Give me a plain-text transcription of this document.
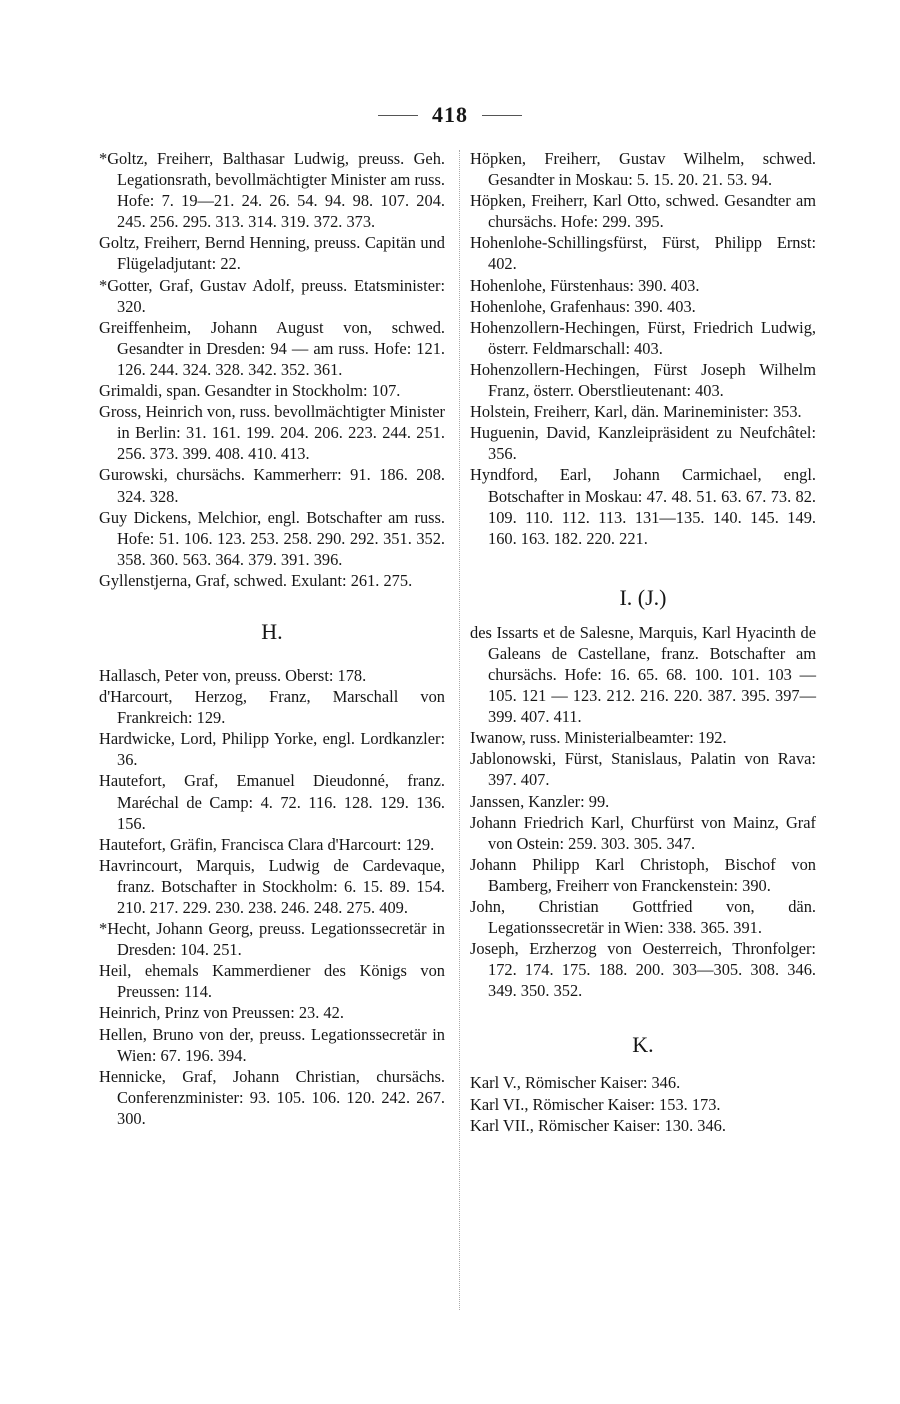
418
*Goltz, Freiherr, Balthasar Ludwig, preuss. Geh. Legationsrath, bevollmächtigter Minister am russ. Hofe: 7. 19—21. 24. 26. 54. 94. 98. 107. 204. 245. 256. 295. 313. 314. 319. 372. 373.
Goltz, Freiherr, Bernd Henning, preuss. Capitän und Flügeladjutant: 22.
*Gotter, Graf, Gustav Adolf, preuss. Etatsminister: 320.
Greiffenheim, Johann August von, schwed. Gesandter in Dresden: 94 — am russ. Hofe: 121. 126. 244. 324. 328. 342. 352. 361.
Grimaldi, span. Gesandter in Stockholm: 107.
Gross, Heinrich von, russ. bevollmächtigter Minister in Berlin: 31. 161. 199. 204. 206. 223. 244. 251. 256. 373. 399. 408. 410. 413.
Gurowski, chursächs. Kammerherr: 91. 186. 208. 324. 328.
Guy Dickens, Melchior, engl. Botschafter am russ. Hofe: 51. 106. 123. 253. 258. 290. 292. 351. 352. 358. 360. 563. 364. 379. 391. 396.
Gyllenstjerna, Graf, schwed. Exulant: 261. 275.
H.
Hallasch, Peter von, preuss. Oberst: 178.
d'Harcourt, Herzog, Franz, Marschall von Frankreich: 129.
Hardwicke, Lord, Philipp Yorke, engl. Lordkanzler: 36.
Hautefort, Graf, Emanuel Dieudonné, franz. Maréchal de Camp: 4. 72. 116. 128. 129. 136. 156.
Hautefort, Gräfin, Francisca Clara d'Harcourt: 129.
Havrincourt, Marquis, Ludwig de Cardevaque, franz. Botschafter in Stockholm: 6. 15. 89. 154. 210. 217. 229. 230. 238. 246. 248. 275. 409.
*Hecht, Johann Georg, preuss. Legationssecretär in Dresden: 104. 251.
Heil, ehemals Kammerdiener des Königs von Preussen: 114.
Heinrich, Prinz von Preussen: 23. 42.
Hellen, Bruno von der, preuss. Legationssecretär in Wien: 67. 196. 394.
Hennicke, Graf, Johann Christian, chursächs. Conferenzminister: 93. 105. 106. 120. 242. 267. 300.
Höpken, Freiherr, Gustav Wilhelm, schwed. Gesandter in Moskau: 5. 15. 20. 21. 53. 94.
Höpken, Freiherr, Karl Otto, schwed. Gesandter am chursächs. Hofe: 299. 395.
Hohenlohe-Schillingsfürst, Fürst, Philipp Ernst: 402.
Hohenlohe, Fürstenhaus: 390. 403.
Hohenlohe, Grafenhaus: 390. 403.
Hohenzollern-Hechingen, Fürst, Friedrich Ludwig, österr. Feldmarschall: 403.
Hohenzollern-Hechingen, Fürst Joseph Wilhelm Franz, österr. Oberstlieutenant: 403.
Holstein, Freiherr, Karl, dän. Marineminister: 353.
Huguenin, David, Kanzleipräsident zu Neufchâtel: 356.
Hyndford, Earl, Johann Carmichael, engl. Botschafter in Moskau: 47. 48. 51. 63. 67. 73. 82. 109. 110. 112. 113. 131—135. 140. 145. 149. 160. 163. 182. 220. 221.
I. (J.)
des Issarts et de Salesne, Marquis, Karl Hyacinth de Galeans de Castellane, franz. Botschafter am chursächs. Hofe: 16. 65. 68. 100. 101. 103 — 105. 121 — 123. 212. 216. 220. 387. 395. 397—399. 407. 411.
Iwanow, russ. Ministerialbeamter: 192.
Jablonowski, Fürst, Stanislaus, Palatin von Rava: 397. 407.
Janssen, Kanzler: 99.
Johann Friedrich Karl, Churfürst von Mainz, Graf von Ostein: 259. 303. 305. 347.
Johann Philipp Karl Christoph, Bischof von Bamberg, Freiherr von Franckenstein: 390.
John, Christian Gottfried von, dän. Legationssecretär in Wien: 338. 365. 391.
Joseph, Erzherzog von Oesterreich, Thronfolger: 172. 174. 175. 188. 200. 303—305. 308. 346. 349. 350. 352.
K.
Karl V., Römischer Kaiser: 346.
Karl VI., Römischer Kaiser: 153. 173.
Karl VII., Römischer Kaiser: 130. 346.
